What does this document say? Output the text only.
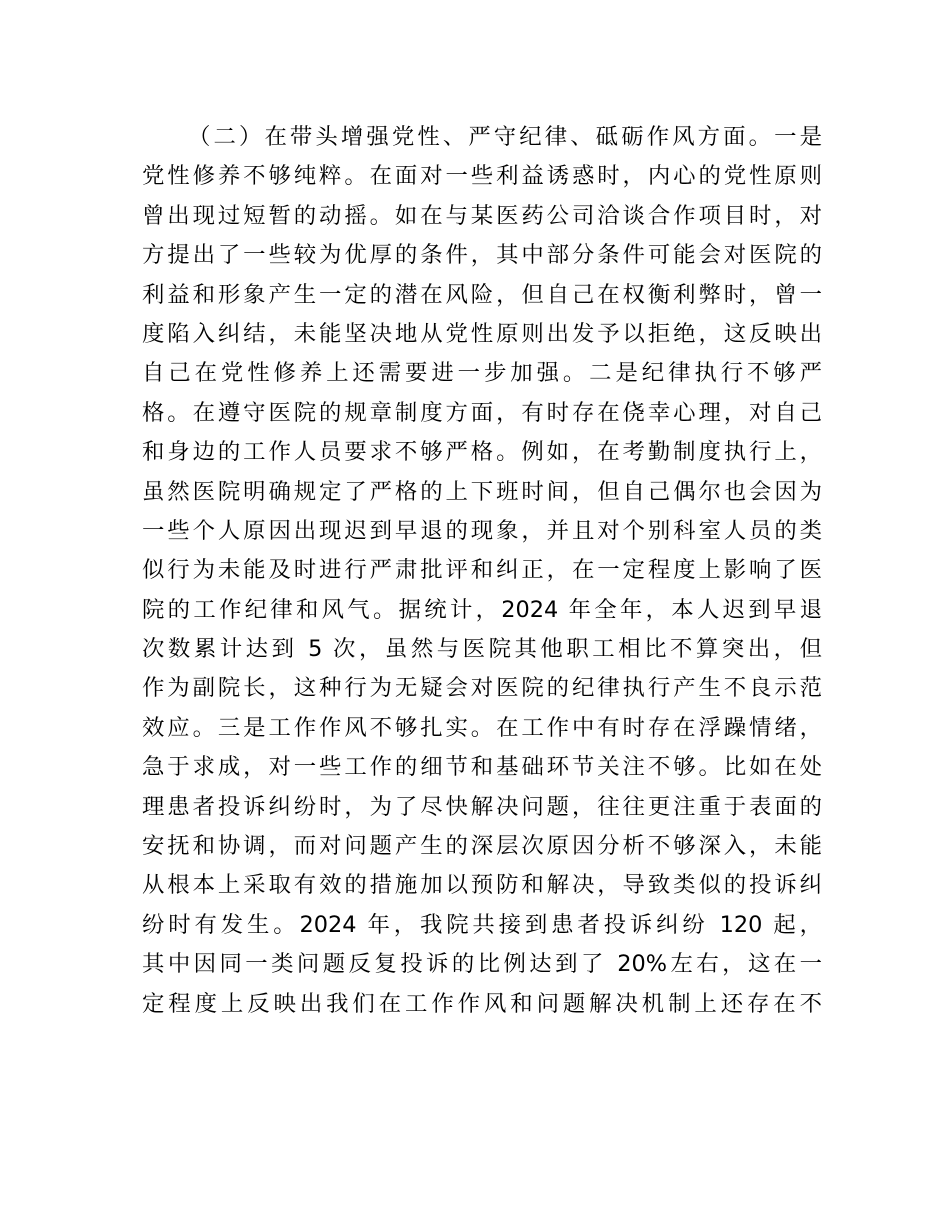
（二）在带头增强党性、严守纪律、砥砺作风方面。一是
党性修养不够纯粹。在面对一些利益诱惑时，内心的党性原则
曾出现过短暂的动摇。如在与某医药公司洽谈合作项目时，对
方提出了一些较为优厚的条件，其中部分条件可能会对医院的
利益和形象产生一定的潜在风险，但自己在权衡利弊时，曾一
度陷入纠结，未能坚决地从党性原则出发予以拒绝，这反映出
自己在党性修养上还需要进一步加强。二是纪律执行不够严
格。在遵守医院的规章制度方面，有时存在侥幸心理，对自己
和身边的工作人员要求不够严格。例如，在考勤制度执行上，
虽然医院明确规定了严格的上下班时间，但自己偶尔也会因为
一些个人原因出现迟到早退的现象，并且对个别科室人员的类
似行为未能及时进行严肃批评和纠正，在一定程度上影响了医
院的工作纪律和风气。据统计，2024 年全年，本人迟到早退
次数累计达到 5 次，虽然与医院其他职工相比不算突出，但
作为副院长，这种行为无疑会对医院的纪律执行产生不良示范
效应。三是工作作风不够扎实。在工作中有时存在浮躁情绪，
急于求成，对一些工作的细节和基础环节关注不够。比如在处
理患者投诉纠纷时，为了尽快解决问题，往往更注重于表面的
安抚和协调，而对问题产生的深层次原因分析不够深入，未能
从根本上采取有效的措施加以预防和解决，导致类似的投诉纠
纷时有发生。2024 年，我院共接到患者投诉纠纷 120 起，
其中因同一类问题反复投诉的比例达到了 20%左右，这在一
定程度上反映出我们在工作作风和问题解决机制上还存在不
